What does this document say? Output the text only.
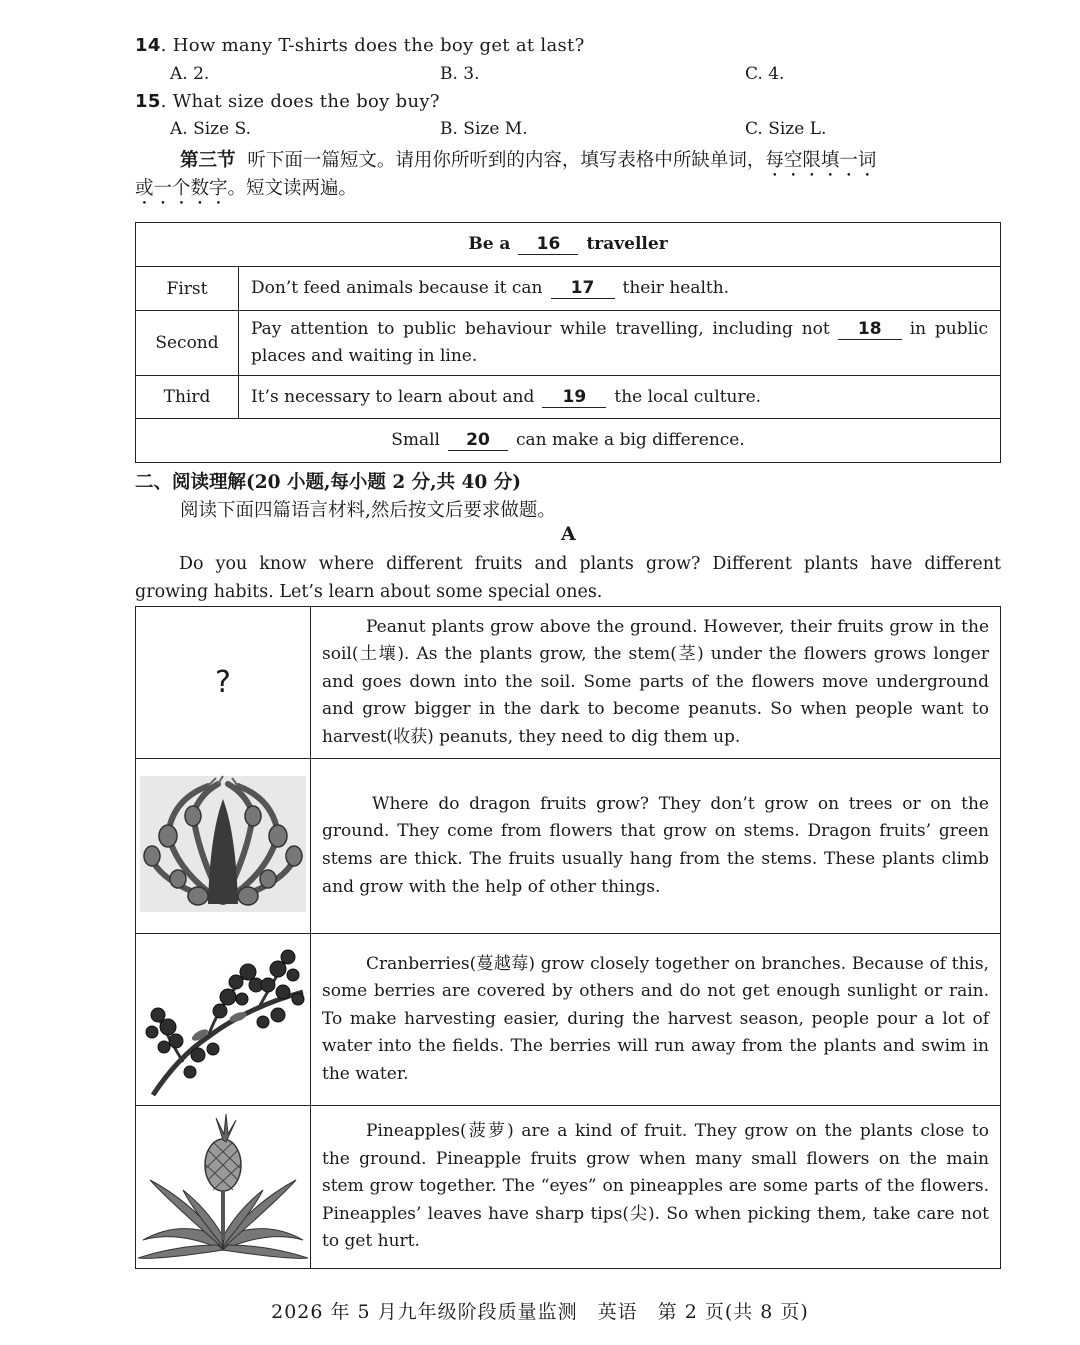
14. How many T-shirts does the boy get at last?
A. 2.	B. 3.	C. 4.
15. What size does the boy buy?
A. Size S.	B. Size M.	C. Size L.
第三节 听下面一篇短文。请用你所听到的内容，填写表格中所缺单词，每空限填一词
或一个数字。短文读两遍。
Be a 16 traveller	
First	Don’t feed animals because it can 17 their health.
Second	Pay attention to public behaviour while travelling, including not 18 in public places and waiting in line.
Third	It’s necessary to learn about and 19 the local culture.
Small 20 can make a big difference.	
二、阅读理解(20 小题,每小题 2 分,共 40 分)
阅读下面四篇语言材料,然后按文后要求做题。
A
Do you know where different fruits and plants grow? Different plants have different growing habits. Let’s learn about some special ones.
?	Peanut plants grow above the ground. However, their fruits grow in the soil(土壤). As the plants grow, the stem(茎) under the flowers grows longer and goes down into the soil. Some parts of the flowers move underground and grow bigger in the dark to become peanuts. So when people want to harvest(收获) peanuts, they need to dig them up.
	Where do dragon fruits grow? They don’t grow on trees or on the ground. They come from flowers that grow on stems. Dragon fruits’ green stems are thick. The fruits usually hang from the stems. These plants climb and grow with the help of other things.
	Cranberries(蔓越莓) grow closely together on branches. Because of this, some berries are covered by others and do not get enough sunlight or rain. To make harvesting easier, during the harvest season, people pour a lot of water into the fields. The berries will run away from the plants and swim in the water.
	Pineapples(菠萝) are a kind of fruit. They grow on the plants close to the ground. Pineapple fruits grow when many small flowers on the main stem grow together. The “eyes” on pineapples are some parts of the flowers. Pineapples’ leaves have sharp tips(尖). So when picking them, take care not to get hurt.
2026 年 5 月九年级阶段质量监测　英语　第 2 页(共 8 页)
